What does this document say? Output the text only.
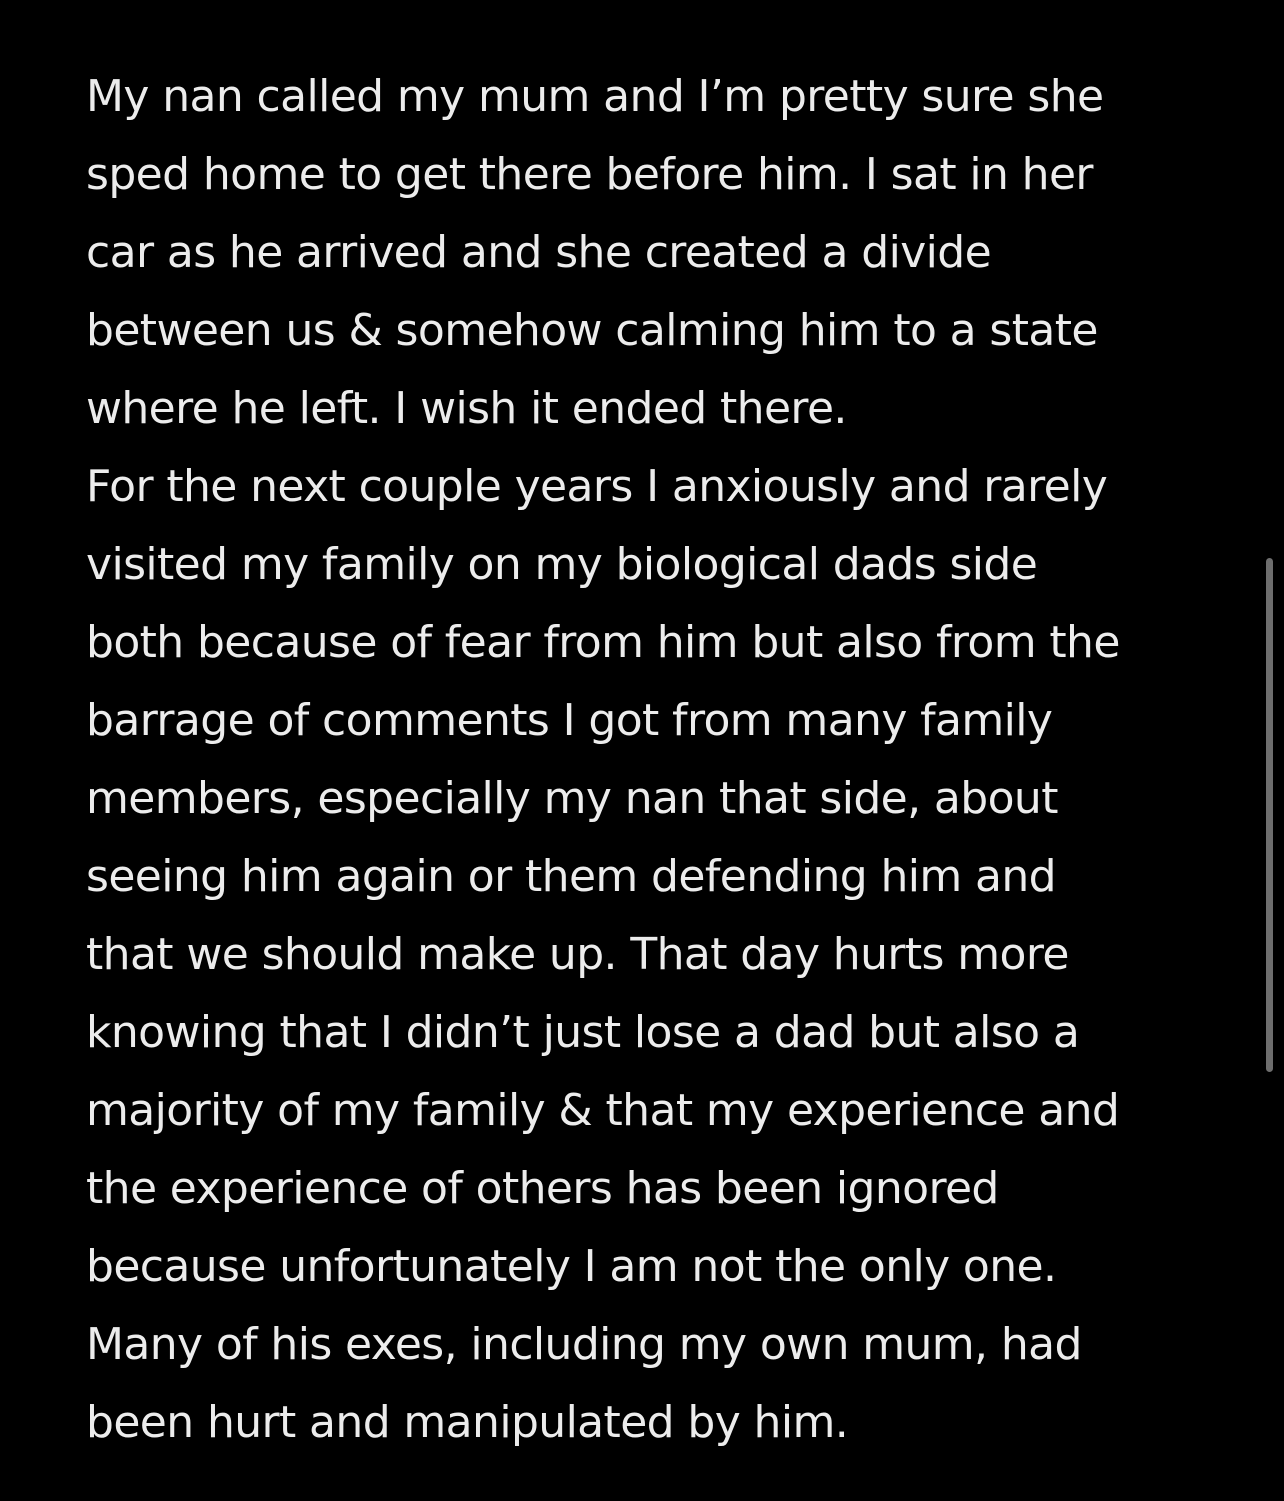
My nan called my mum and I’m pretty sure she
sped home to get there before him. I sat in her
car as he arrived and she created a divide
between us & somehow calming him to a state
where he left. I wish it ended there.
For the next couple years I anxiously and rarely
visited my family on my biological dads side
both because of fear from him but also from the
barrage of comments I got from many family
members, especially my nan that side, about
seeing him again or them defending him and
that we should make up. That day hurts more
knowing that I didn’t just lose a dad but also a
majority of my family & that my experience and
the experience of others has been ignored
because unfortunately I am not the only one.
Many of his exes, including my own mum, had
been hurt and manipulated by him.
